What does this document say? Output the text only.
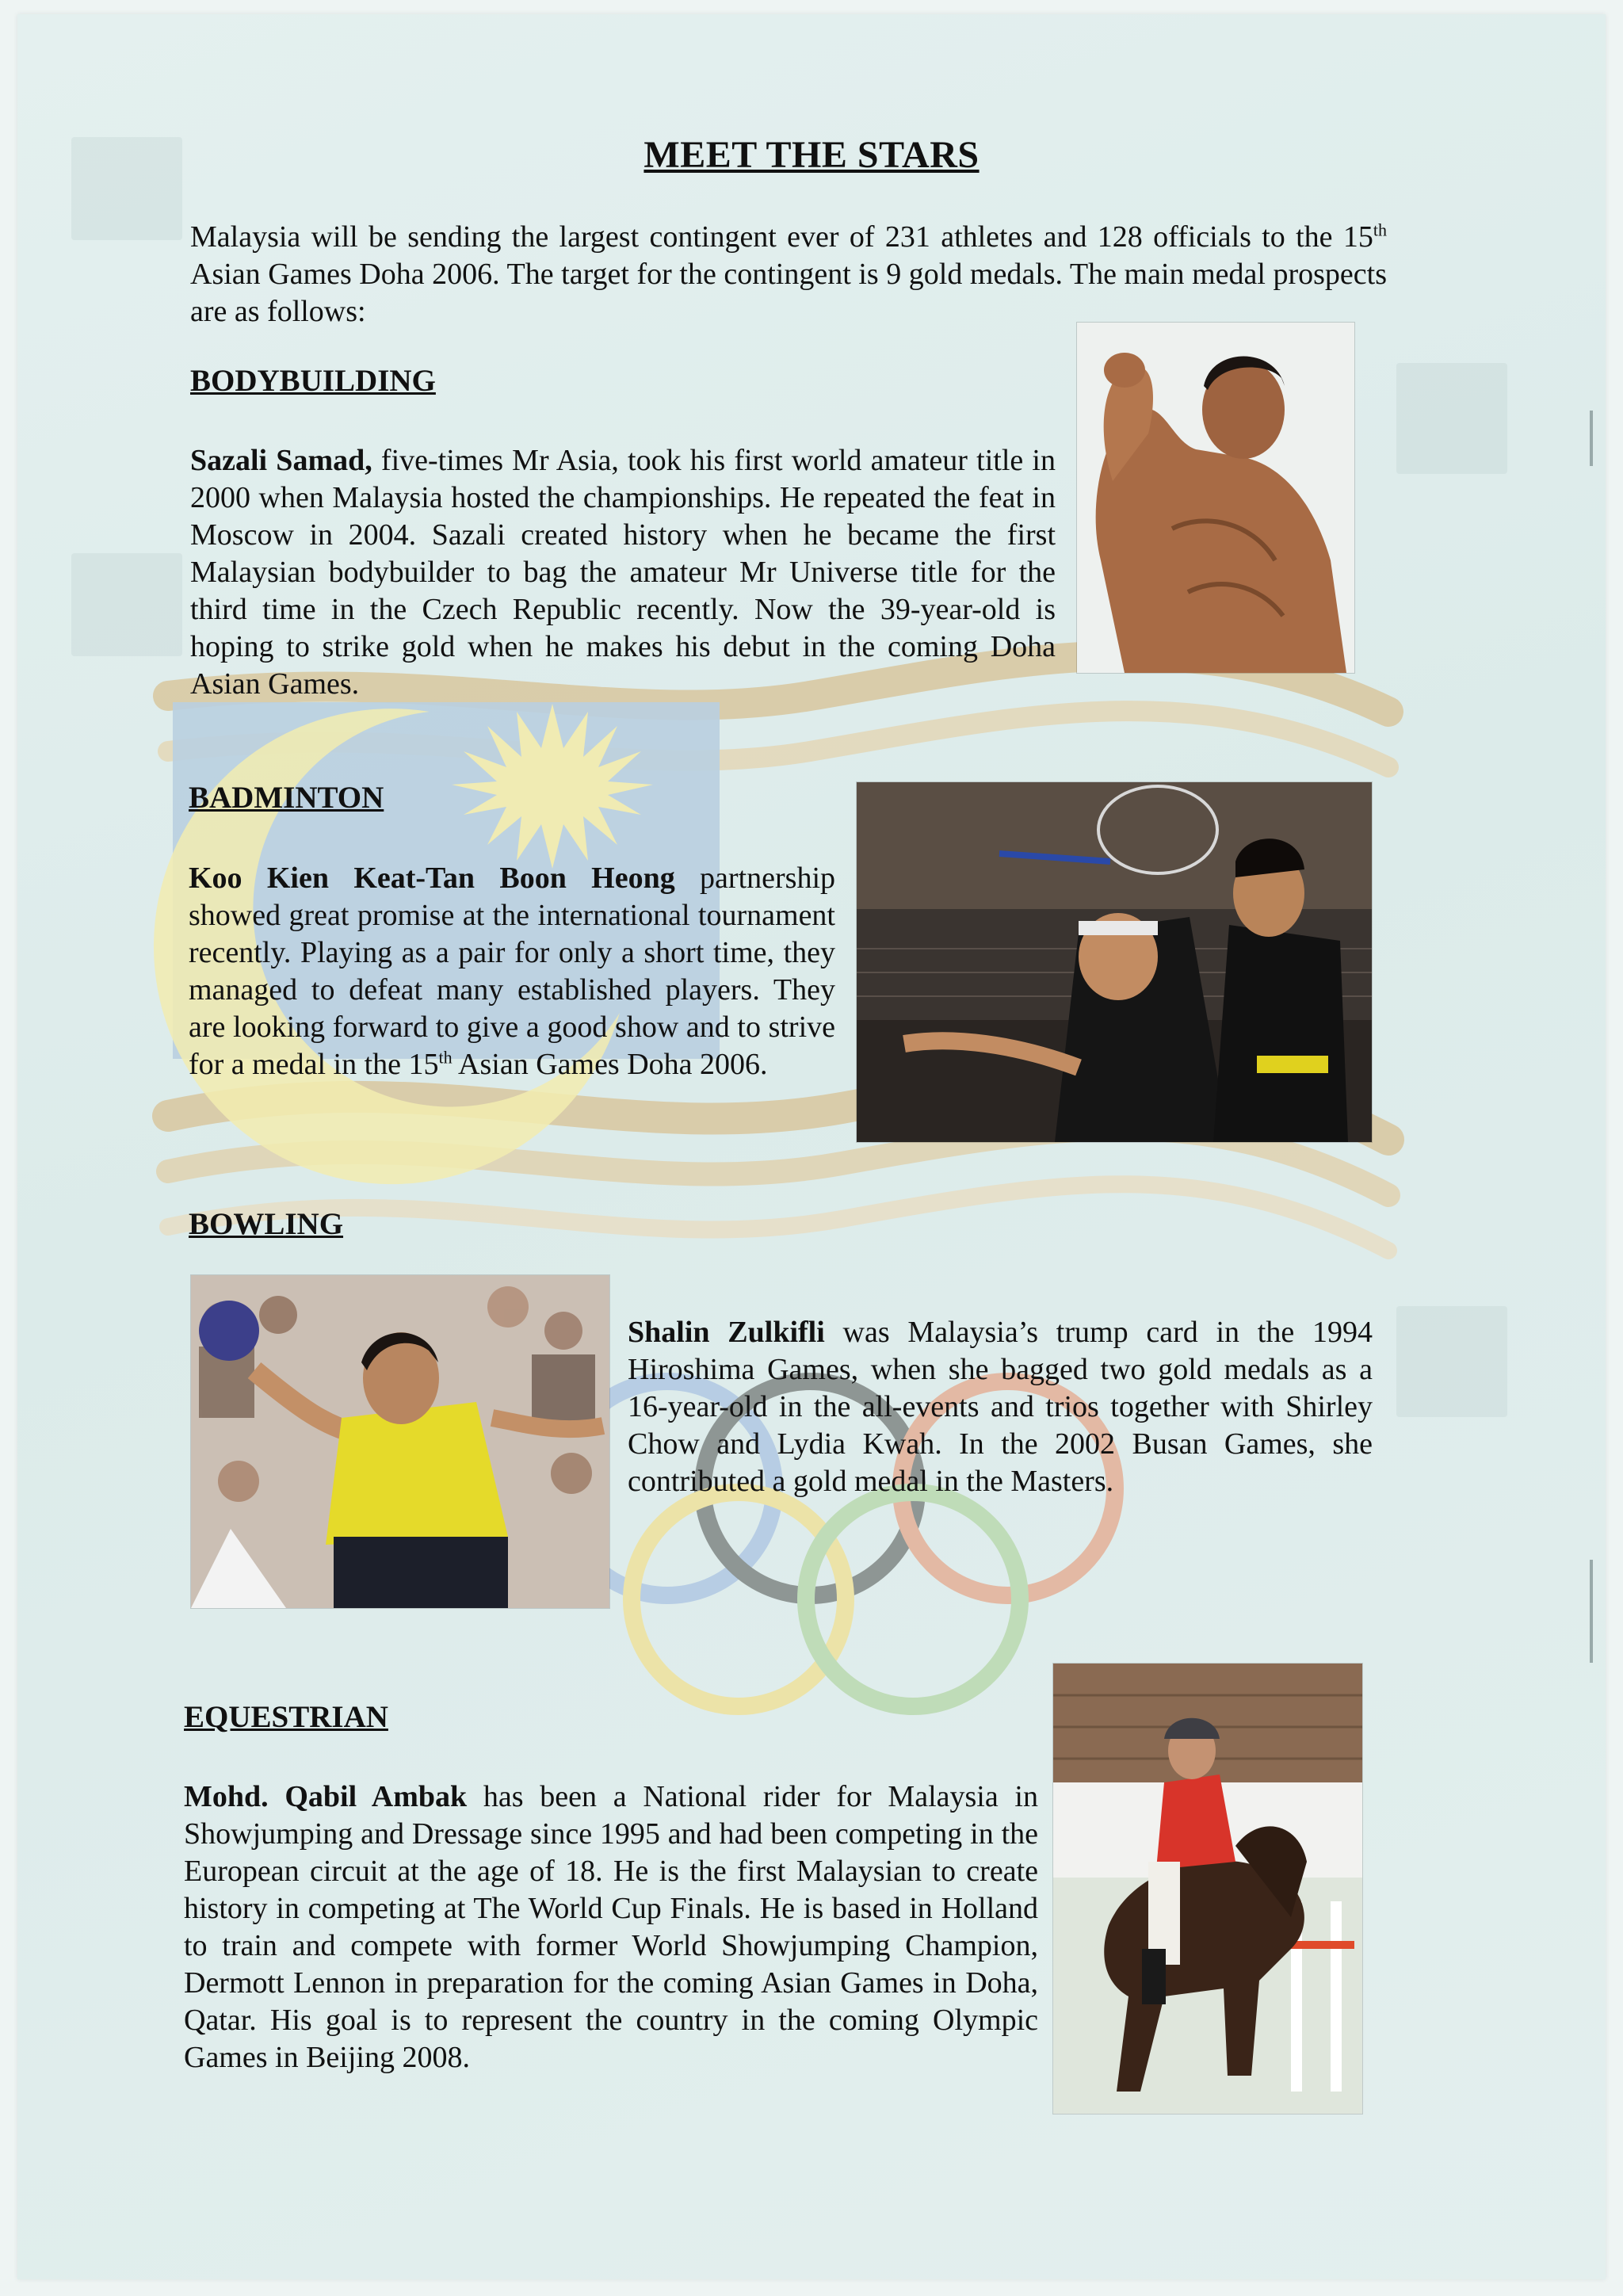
MEET THE STARS
Malaysia will be sending the largest contingent ever of 231 athletes and 128 officials to the 15th Asian Games Doha 2006. The target for the contingent is 9 gold medals. The main medal prospects are as follows:
BODYBUILDING
Sazali Samad, five-times Mr Asia, took his first world amateur title in 2000 when Malaysia hosted the championships. He repeated the feat in Moscow in 2004. Sazali created history when he became the first Malaysian bodybuilder to bag the amateur Mr Universe title for the third time in the Czech Republic recently. Now the 39-year-old is hoping to strike gold when he makes his debut in the coming Doha Asian Games.
BADMINTON
Koo Kien Keat-Tan Boon Heong partnership showed great promise at the international tournament recently. Playing as a pair for only a short time, they managed to defeat many established players. They are looking forward to give a good show and to strive for a medal in the 15th Asian Games Doha 2006.
BOWLING
Shalin Zulkifli was Malaysia’s trump card in the 1994 Hiroshima Games, when she bagged two gold medals as a 16-year-old in the all-events and trios together with Shirley Chow and Lydia Kwah. In the 2002 Busan Games, she contributed a gold medal in the Masters.
EQUESTRIAN
Mohd. Qabil Ambak has been a National rider for Malaysia in Showjumping and Dressage since 1995 and had been competing in the European circuit at the age of 18. He is the first Malaysian to create history in competing at The World Cup Finals. He is based in Holland to train and compete with former World Showjumping Champion, Dermott Lennon in preparation for the coming Asian Games in Doha, Qatar. His goal is to represent the country in the coming Olympic Games in Beijing 2008.
